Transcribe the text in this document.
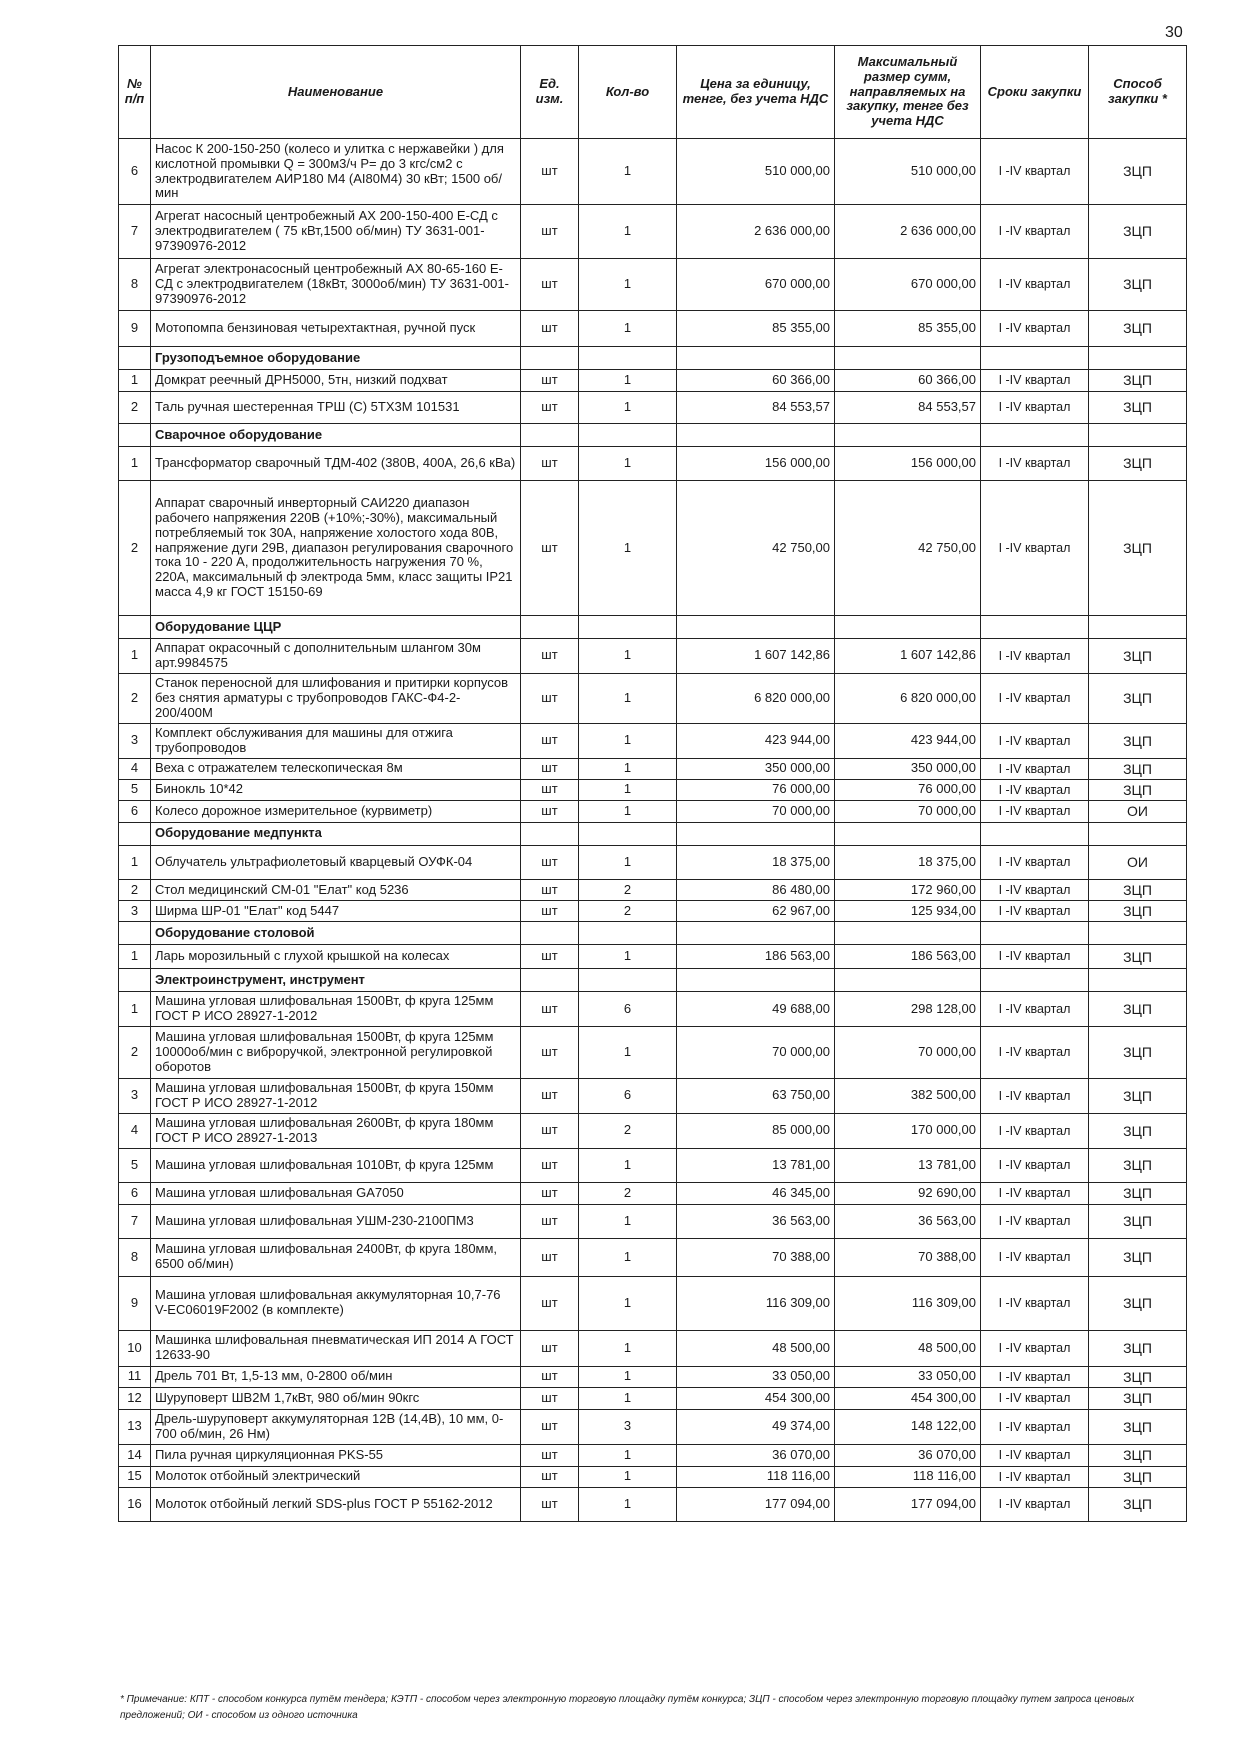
30
№ п/п	Наименование	Ед. изм.	Кол-во	Цена за единицу, тенге, без учета НДС	Максимальный размер сумм, направляемых на закупку, тенге без учета НДС	Сроки закупки	Способ закупки *
6	Насос К 200-150-250 (колесо и улитка с нержавейки ) для кислотной промывки Q = 300м3/ч P= до 3 кгс/см2 с электродвигателем АИР180 М4 (АI80М4) 30 кВт; 1500 об/мин	шт	1	510 000,00	510 000,00	I -IV квартал	ЗЦП
7	Агрегат насосный центробежный АХ 200-150-400 Е-СД с электродвигателем ( 75 кВт,1500 об/мин) ТУ 3631-001-97390976-2012	шт	1	2 636 000,00	2 636 000,00	I -IV квартал	ЗЦП
8	Агрегат электронасосный центробежный АХ 80-65-160 Е-СД с электродвигателем (18кВт, 3000об/мин) ТУ 3631-001-97390976-2012	шт	1	670 000,00	670 000,00	I -IV квартал	ЗЦП
9	Мотопомпа бензиновая четырехтактная, ручной пуск	шт	1	85 355,00	85 355,00	I -IV квартал	ЗЦП
	Грузоподъемное оборудование						
1	Домкрат реечный ДРН5000, 5тн, низкий подхват	шт	1	60 366,00	60 366,00	I -IV квартал	ЗЦП
2	Таль ручная шестеренная ТРШ (С) 5ТХ3М 101531	шт	1	84 553,57	84 553,57	I -IV квартал	ЗЦП
	Сварочное оборудование						
1	Трансформатор сварочный ТДМ-402 (380В, 400А, 26,6 кВа)	шт	1	156 000,00	156 000,00	I -IV квартал	ЗЦП
2	Аппарат сварочный инверторный САИ220 диапазон рабочего напряжения 220В (+10%;-30%), максимальный потребляемый ток 30А, напряжение холостого хода 80В, напряжение дуги 29В, диапазон регулирования сварочного тока 10 - 220 А, продолжительность нагружения 70 %, 220А, максимальный ф электрода 5мм, класс защиты IP21 масса 4,9 кг ГОСТ 15150-69	шт	1	42 750,00	42 750,00	I -IV квартал	ЗЦП
	Оборудование ЦЦР						
1	Аппарат окрасочный с дополнительным шлангом 30м арт.9984575	шт	1	1 607 142,86	1 607 142,86	I -IV квартал	ЗЦП
2	Станок переносной для шлифования и притирки корпусов без снятия арматуры с трубопроводов ГАКС-Ф4-2-200/400М	шт	1	6 820 000,00	6 820 000,00	I -IV квартал	ЗЦП
3	Комплект обслуживания для машины для отжига трубопроводов	шт	1	423 944,00	423 944,00	I -IV квартал	ЗЦП
4	Веха с отражателем телескопическая 8м	шт	1	350 000,00	350 000,00	I -IV квартал	ЗЦП
5	Бинокль 10*42	шт	1	76 000,00	76 000,00	I -IV квартал	ЗЦП
6	Колесо дорожное измерительное (курвиметр)	шт	1	70 000,00	70 000,00	I -IV квартал	ОИ
	Оборудование медпункта						
1	Облучатель ультрафиолетовый кварцевый ОУФК-04	шт	1	18 375,00	18 375,00	I -IV квартал	ОИ
2	Стол медицинский СМ-01 "Елат" код 5236	шт	2	86 480,00	172 960,00	I -IV квартал	ЗЦП
3	Ширма ШР-01 "Елат" код 5447	шт	2	62 967,00	125 934,00	I -IV квартал	ЗЦП
	Оборудование столовой						
1	Ларь морозильный с глухой крышкой на колесах	шт	1	186 563,00	186 563,00	I -IV квартал	ЗЦП
	Электроинструмент, инструмент						
1	Машина угловая шлифовальная 1500Вт, ф круга 125мм ГОСТ Р ИСО 28927-1-2012	шт	6	49 688,00	298 128,00	I -IV квартал	ЗЦП
2	Машина угловая шлифовальная 1500Вт, ф круга 125мм 10000об/мин с виброручкой, электронной регулировкой оборотов	шт	1	70 000,00	70 000,00	I -IV квартал	ЗЦП
3	Машина угловая шлифовальная 1500Вт, ф круга 150мм ГОСТ Р ИСО 28927-1-2012	шт	6	63 750,00	382 500,00	I -IV квартал	ЗЦП
4	Машина угловая шлифовальная 2600Вт, ф круга 180мм ГОСТ Р ИСО 28927-1-2013	шт	2	85 000,00	170 000,00	I -IV квартал	ЗЦП
5	Машина угловая шлифовальная 1010Вт, ф круга 125мм	шт	1	13 781,00	13 781,00	I -IV квартал	ЗЦП
6	Машина угловая шлифовальная GA7050	шт	2	46 345,00	92 690,00	I -IV квартал	ЗЦП
7	Машина угловая шлифовальная УШМ-230-2100ПМ3	шт	1	36 563,00	36 563,00	I -IV квартал	ЗЦП
8	Машина угловая шлифовальная 2400Вт, ф круга 180мм, 6500 об/мин)	шт	1	70 388,00	70 388,00	I -IV квартал	ЗЦП
9	Машина угловая шлифовальная аккумуляторная 10,7-76 V-EC06019F2002 (в комплекте)	шт	1	116 309,00	116 309,00	I -IV квартал	ЗЦП
10	Машинка шлифовальная пневматическая ИП 2014 А ГОСТ 12633-90	шт	1	48 500,00	48 500,00	I -IV квартал	ЗЦП
11	Дрель 701 Вт, 1,5-13 мм, 0-2800 об/мин	шт	1	33 050,00	33 050,00	I -IV квартал	ЗЦП
12	Шуруповерт ШВ2М 1,7кВт, 980 об/мин 90кгс	шт	1	454 300,00	454 300,00	I -IV квартал	ЗЦП
13	Дрель-шуруповерт аккумуляторная 12В (14,4В), 10 мм, 0-700 об/мин, 26 Нм)	шт	3	49 374,00	148 122,00	I -IV квартал	ЗЦП
14	Пила ручная циркуляционная PKS-55	шт	1	36 070,00	36 070,00	I -IV квартал	ЗЦП
15	Молоток отбойный электрический	шт	1	118 116,00	118 116,00	I -IV квартал	ЗЦП
16	Молоток отбойный легкий SDS-plus ГОСТ Р 55162-2012	шт	1	177 094,00	177 094,00	I -IV квартал	ЗЦП
* Примечание: КПТ - способом конкурса путём тендера; КЭТП - способом через электронную торговую площадку путём конкурса; ЗЦП - способом через электронную торговую площадку путем запроса ценовых предложений; ОИ - способом из одного источника
